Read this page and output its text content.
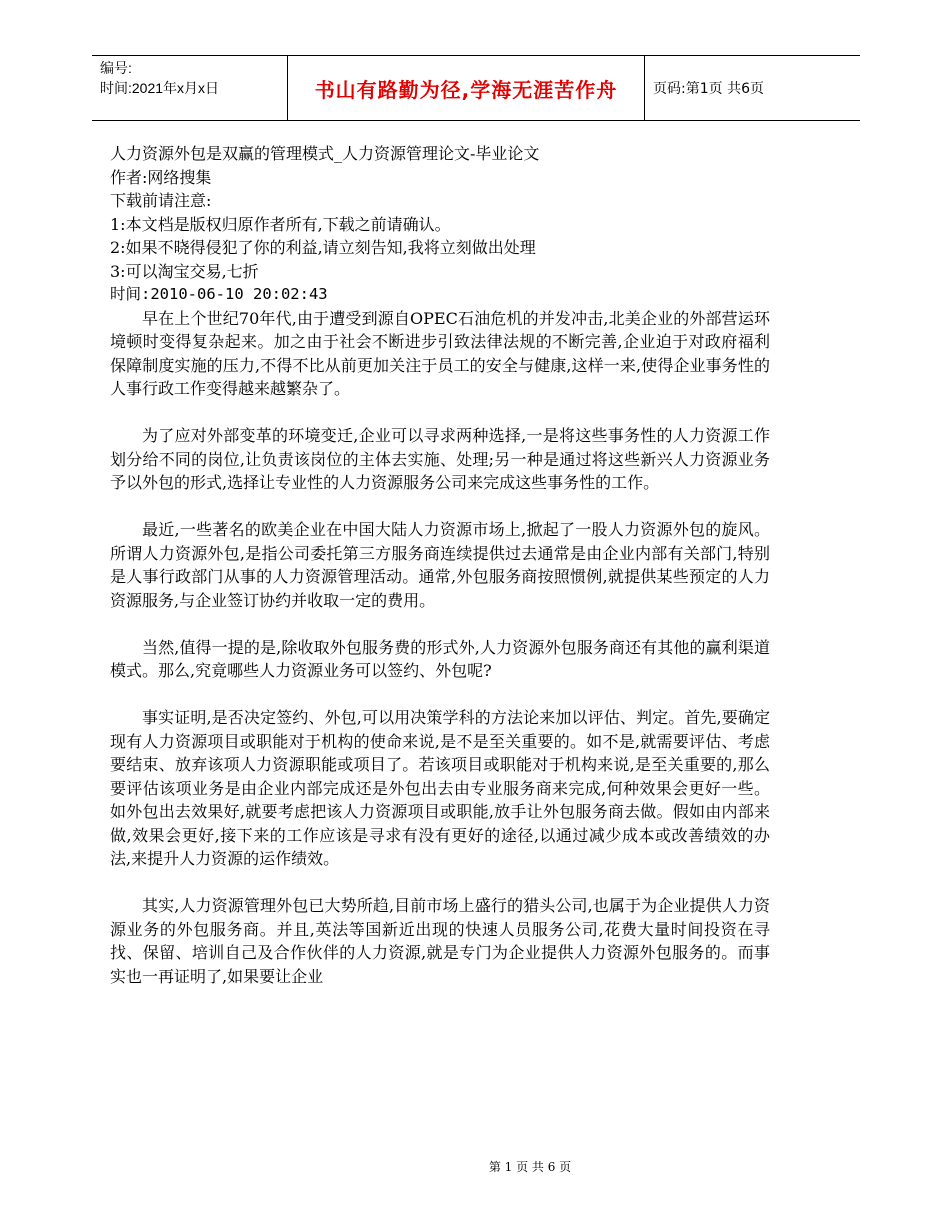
编号:
时间:2021年x月x日	书山有路勤为径,学海无涯苦作舟	页码:第1页 共6页
人力资源外包是双赢的管理模式_人力资源管理论文-毕业论文
作者:网络搜集
下载前请注意:
1:本文档是版权归原作者所有,下载之前请确认。
2:如果不晓得侵犯了你的利益,请立刻告知,我将立刻做出处理
3:可以淘宝交易,七折
时间:2010-06-10 20:02:43

早在上个世纪70年代,由于遭受到源自OPEC石油危机的并发冲击,北美企业的外部营运环境顿时变得复杂起来。加之由于社会不断进步引致法律法规的不断完善,企业迫于对政府福利保障制度实施的压力,不得不比从前更加关注于员工的安全与健康,这样一来,使得企业事务性的人事行政工作变得越来越繁杂了。

为了应对外部变革的环境变迁,企业可以寻求两种选择,一是将这些事务性的人力资源工作划分给不同的岗位,让负责该岗位的主体去实施、处理;另一种是通过将这些新兴人力资源业务予以外包的形式,选择让专业性的人力资源服务公司来完成这些事务性的工作。

最近,一些著名的欧美企业在中国大陆人力资源市场上,掀起了一股人力资源外包的旋风。所谓人力资源外包,是指公司委托第三方服务商连续提供过去通常是由企业内部有关部门,特别是人事行政部门从事的人力资源管理活动。通常,外包服务商按照惯例,就提供某些预定的人力资源服务,与企业签订协约并收取一定的费用。

当然,值得一提的是,除收取外包服务费的形式外,人力资源外包服务商还有其他的赢利渠道模式。那么,究竟哪些人力资源业务可以签约、外包呢?

事实证明,是否决定签约、外包,可以用决策学科的方法论来加以评估、判定。首先,要确定现有人力资源项目或职能对于机构的使命来说,是不是至关重要的。如不是,就需要评估、考虑要结束、放弃该项人力资源职能或项目了。若该项目或职能对于机构来说,是至关重要的,那么要评估该项业务是由企业内部完成还是外包出去由专业服务商来完成,何种效果会更好一些。如外包出去效果好,就要考虑把该人力资源项目或职能,放手让外包服务商去做。假如由内部来做,效果会更好,接下来的工作应该是寻求有没有更好的途径,以通过减少成本或改善绩效的办法,来提升人力资源的运作绩效。

其实,人力资源管理外包已大势所趋,目前市场上盛行的猎头公司,也属于为企业提供人力资源业务的外包服务商。并且,英法等国新近出现的快速人员服务公司,花费大量时间投资在寻找、保留、培训自己及合作伙伴的人力资源,就是专门为企业提供人力资源外包服务的。而事实也一再证明了,如果要让企业

第 1 页 共 6 页
